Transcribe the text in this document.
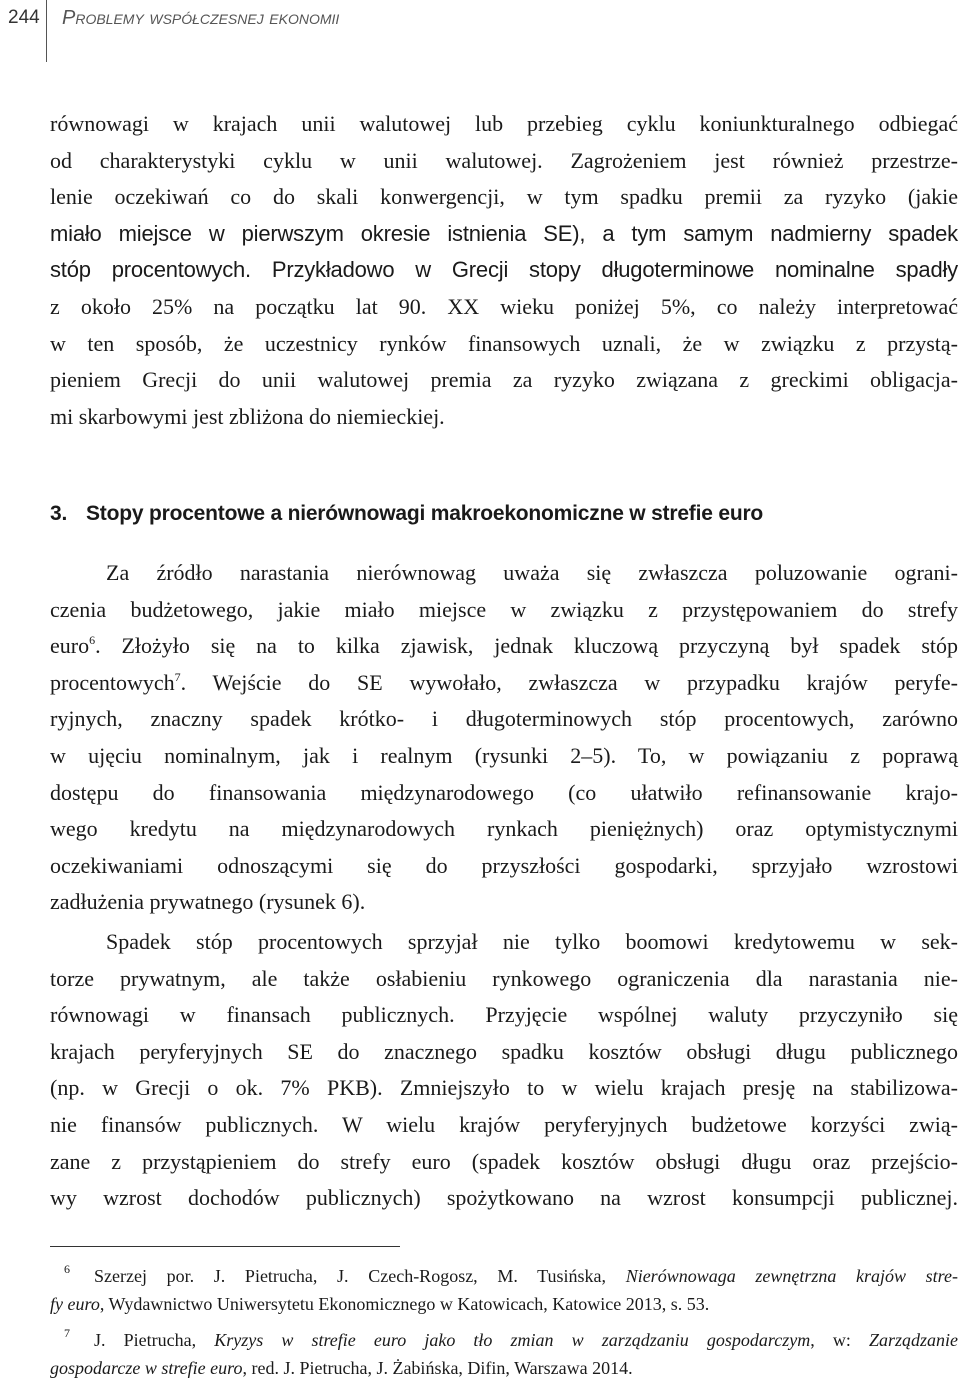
244 Problemy współczesnej ekonomii
równowagi w krajach unii walutowej lub przebieg cyklu koniunkturalnego odbiegać
od charakterystyki cyklu w unii walutowej. Zagrożeniem jest również przestrze-
lenie oczekiwań co do skali konwergencji, w tym spadku premii za ryzyko (jakie
miało miejsce w pierwszym okresie istnienia SE), a tym samym nadmierny spadek
stóp procentowych. Przykładowo w Grecji stopy długoterminowe nominalne spadły
z około 25% na początku lat 90. XX wieku poniżej 5%, co należy interpretować
w ten sposób, że uczestnicy rynków finansowych uznali, że w związku z przystą-
pieniem Grecji do unii walutowej premia za ryzyko związana z greckimi obligacja-
mi skarbowymi jest zbliżona do niemieckiej.
3. Stopy procentowe a nierównowagi makroekonomiczne w strefie euro
Za źródło narastania nierównowag uważa się zwłaszcza poluzowanie ograni-
czenia budżetowego, jakie miało miejsce w związku z przystępowaniem do strefy
euro$^6$. Złożyło się na to kilka zjawisk, jednak kluczową przyczyną był spadek stóp
procentowych$^7$. Wejście do SE wywołało, zwłaszcza w przypadku krajów peryfe-
ryjnych, znaczny spadek krótko- i długoterminowych stóp procentowych, zarówno
w ujęciu nominalnym, jak i realnym (rysunki 2–5). To, w powiązaniu z poprawą
dostępu do finansowania międzynarodowego (co ułatwiło refinansowanie krajo-
wego kredytu na międzynarodowych rynkach pieniężnych) oraz optymistycznymi
oczekiwaniami odnoszącymi się do przyszłości gospodarki, sprzyjało wzrostowi
zadłużenia prywatnego (rysunek 6).
Spadek stóp procentowych sprzyjał nie tylko boomowi kredytowemu w sek-
torze prywatnym, ale także osłabieniu rynkowego ograniczenia dla narastania nie-
równowagi w finansach publicznych. Przyjęcie wspólnej waluty przyczyniło się
krajach peryferyjnych SE do znacznego spadku kosztów obsługi długu publicznego
(np. w Grecji o ok. 7% PKB). Zmniejszyło to w wielu krajach presję na stabilizowa-
nie finansów publicznych. W wielu krajów peryferyjnych budżetowe korzyści zwią-
zane z przystąpieniem do strefy euro (spadek kosztów obsługi długu oraz przejścio-
wy wzrost dochodów publicznych) spożytkowano na wzrost konsumpcji publicznej.
$^6$ Szerzej por. J. Pietrucha, J. Czech-Rogosz, M. Tusińska, Nierównowaga zewnętrzna krajów stre-
fy euro, Wydawnictwo Uniwersytetu Ekonomicznego w Katowicach, Katowice 2013, s. 53.
$^7$ J. Pietrucha, Kryzys w strefie euro jako tło zmian w zarządzaniu gospodarczym, w: Zarządzanie
gospodarcze w strefie euro, red. J. Pietrucha, J. Żabińska, Difin, Warszawa 2014.
